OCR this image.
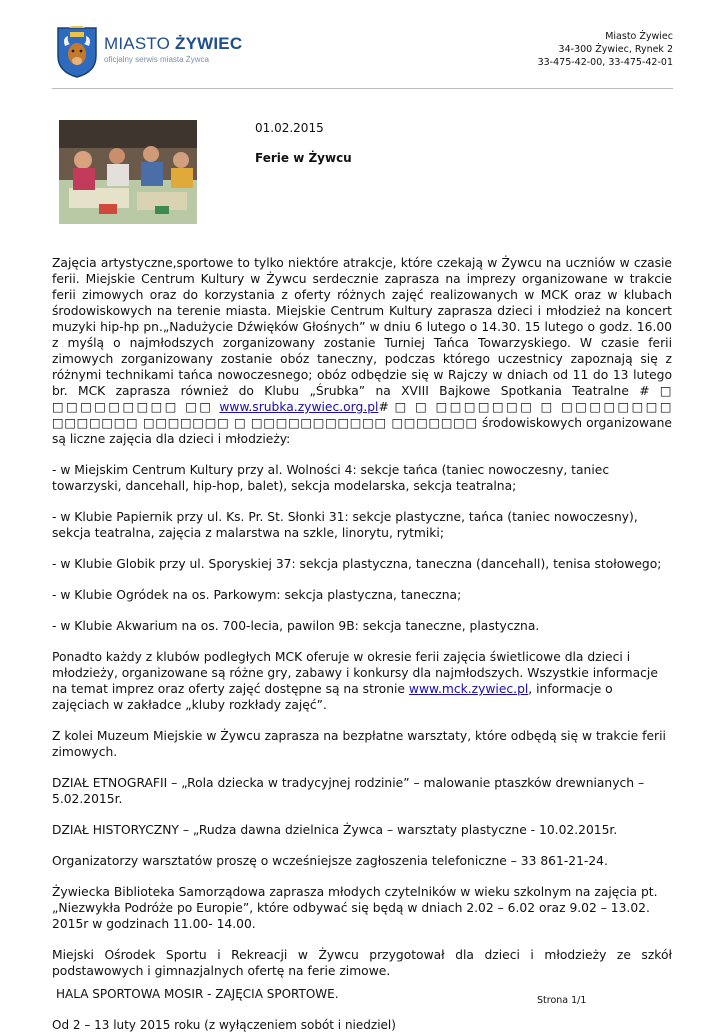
MIASTO ŻYWIEC
oficjalny serwis miasta Żywca
Miasto Żywiec
34-300 Żywiec, Rynek 2
33-475-42-00, 33-475-42-01
01.02.2015
Ferie w Żywcu

Zajęcia artystyczne,sportowe to tylko niektóre atrakcje, które czekają w Żywcu na uczniów w czasie ferii. Miejskie Centrum Kultury w Żywcu serdecznie zaprasza na imprezy organizowane w trakcie ferii zimowych oraz do korzystania z oferty różnych zajęć realizowanych w MCK oraz w klubach środowiskowych na terenie miasta. Miejskie Centrum Kultury zaprasza dzieci i młodzież na koncert muzyki hip-hp pn.„Nadużycie Dźwięków Głośnych” w dniu 6 lutego o 14.30. 15 lutego o godz. 16.00 z myślą o najmłodszych zorganizowany zostanie Turniej Tańca Towarzyskiego. W czasie ferii zimowych zorganizowany zostanie obóz taneczny, podczas którego uczestnicy zapoznają się z różnymi technikami tańca nowoczesnego; obóz odbędzie się w Rajczy w dniach od 11 do 13 lutego br. MCK zaprasza również do Klubu „Śrubka” na XVIII Bajkowe Spotkania Teatralne # □ □□□□□□□□□ □□ www.srubka.zywiec.org.pl# □ □ □□□□□□□ □ □□□□□□□□ □□□□□□□ □□□□□□□ □ □□□□□□□□□□□ □□□□□□□ środowiskowych organizowane są liczne zajęcia dla dzieci i młodzieży:

- w Miejskim Centrum Kultury przy al. Wolności 4: sekcje tańca (taniec nowoczesny, taniec towarzyski, dancehall, hip-hop, balet), sekcja modelarska, sekcja teatralna;

- w Klubie Papiernik przy ul. Ks. Pr. St. Słonki 31: sekcje plastyczne, tańca (taniec nowoczesny), sekcja teatralna, zajęcia z malarstwa na szkle, linorytu, rytmiki;

- w Klubie Globik przy ul. Sporyskiej 37: sekcja plastyczna, taneczna (dancehall), tenisa stołowego;

- w Klubie Ogródek na os. Parkowym: sekcja plastyczna, taneczna;

- w Klubie Akwarium na os. 700-lecia, pawilon 9B: sekcja taneczne, plastyczna.

Ponadto każdy z klubów podległych MCK oferuje w okresie ferii zajęcia świetlicowe dla dzieci i młodzieży, organizowane są różne gry, zabawy i konkursy dla najmłodszych. Wszystkie informacje na temat imprez oraz oferty zajęć dostępne są na stronie www.mck.zywiec.pl, informacje o zajęciach w zakładce „kluby rozkłady zajęć”.

Z kolei Muzeum Miejskie w Żywcu zaprasza na bezpłatne warsztaty, które odbędą się w trakcie ferii zimowych.

DZIAŁ ETNOGRAFII – „Rola dziecka w tradycyjnej rodzinie” – malowanie ptaszków drewnianych – 5.02.2015r.

DZIAŁ HISTORYCZNY – „Rudza dawna dzielnica Żywca – warsztaty plastyczne - 10.02.2015r.

Organizatorzy warsztatów proszę o wcześniejsze zagłoszenia telefoniczne – 33 861-21-24.

Żywiecka Biblioteka Samorządowa zaprasza młodych czytelników w wieku szkolnym na zajęcia pt. „Niezwykła Podróże po Europie”, które odbywać się będą w dniach 2.02 – 6.02 oraz 9.02 – 13.02. 2015r w godzinach 11.00- 14.00.

Miejski Ośrodek Sportu i Rekreacji w Żywcu przygotował dla dzieci i młodzieży ze szkół podstawowych i gimnazjalnych ofertę na ferie zimowe.

HALA SPORTOWA MOSIR - ZAJĘCIA SPORTOWE.	Strona 1/1
Od 2 – 13 luty 2015 roku (z wyłączeniem sobót i niedziel)
